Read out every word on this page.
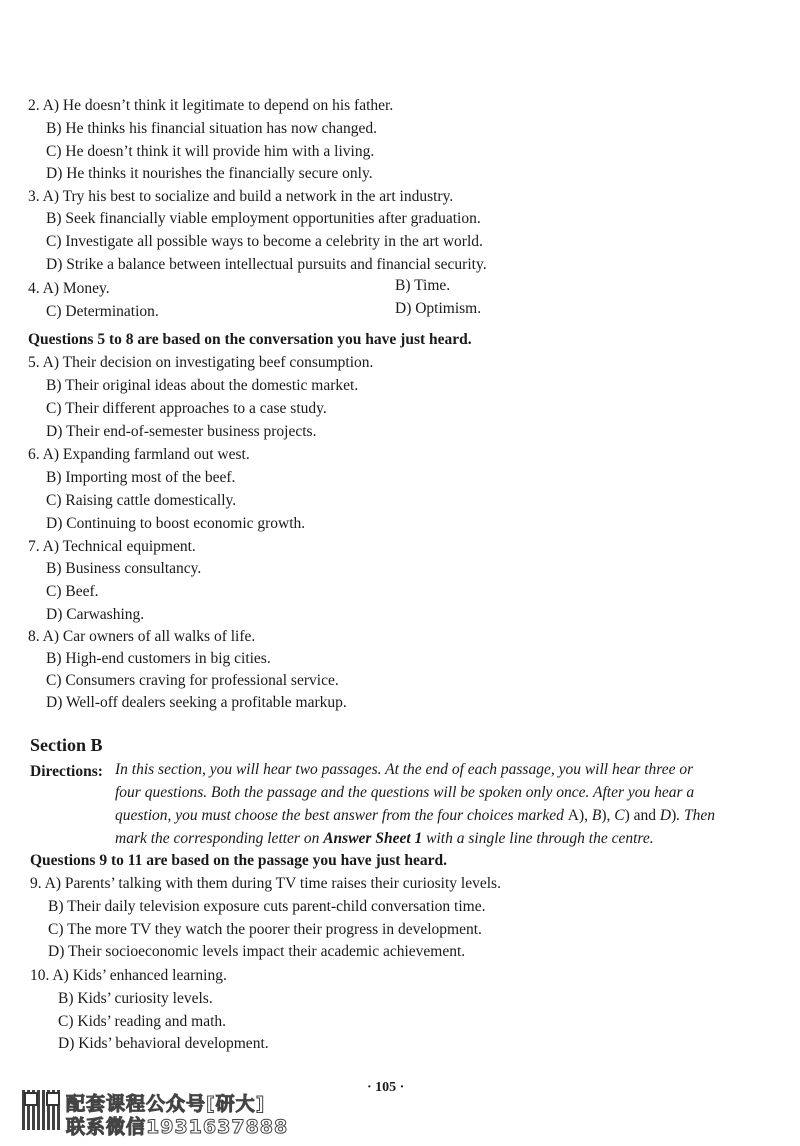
2. A) He doesn’t think it legitimate to depend on his father.
B) He thinks his financial situation has now changed.
C) He doesn’t think it will provide him with a living.
D) He thinks it nourishes the financially secure only.
3. A) Try his best to socialize and build a network in the art industry.
B) Seek financially viable employment opportunities after graduation.
C) Investigate all possible ways to become a celebrity in the art world.
D) Strike a balance between intellectual pursuits and financial security.
4. A) Money.	B) Time.
C) Determination.	D) Optimism.
Questions 5 to 8 are based on the conversation you have just heard.
5. A) Their decision on investigating beef consumption.
B) Their original ideas about the domestic market.
C) Their different approaches to a case study.
D) Their end-of-semester business projects.
6. A) Expanding farmland out west.
B) Importing most of the beef.
C) Raising cattle domestically.
D) Continuing to boost economic growth.
7. A) Technical equipment.
B) Business consultancy.
C) Beef.
D) Carwashing.
8. A) Car owners of all walks of life.
B) High-end customers in big cities.
C) Consumers craving for professional service.
D) Well-off dealers seeking a profitable markup.
Section B
Directions: In this section, you will hear two passages. At the end of each passage, you will hear three or
four questions. Both the passage and the questions will be spoken only once. After you hear a
question, you must choose the best answer from the four choices marked A), B), C) and D). Then
mark the corresponding letter on Answer Sheet 1 with a single line through the centre.
Questions 9 to 11 are based on the passage you have just heard.
9. A) Parents’ talking with them during TV time raises their curiosity levels.
B) Their daily television exposure cuts parent-child conversation time.
C) The more TV they watch the poorer their progress in development.
D) Their socioeconomic levels impact their academic achievement.
10. A) Kids’ enhanced learning.
B) Kids’ curiosity levels.
C) Kids’ reading and math.
D) Kids’ behavioral development.
· 105 ·
配套课程公众号[研大]
联系微信1931637888
